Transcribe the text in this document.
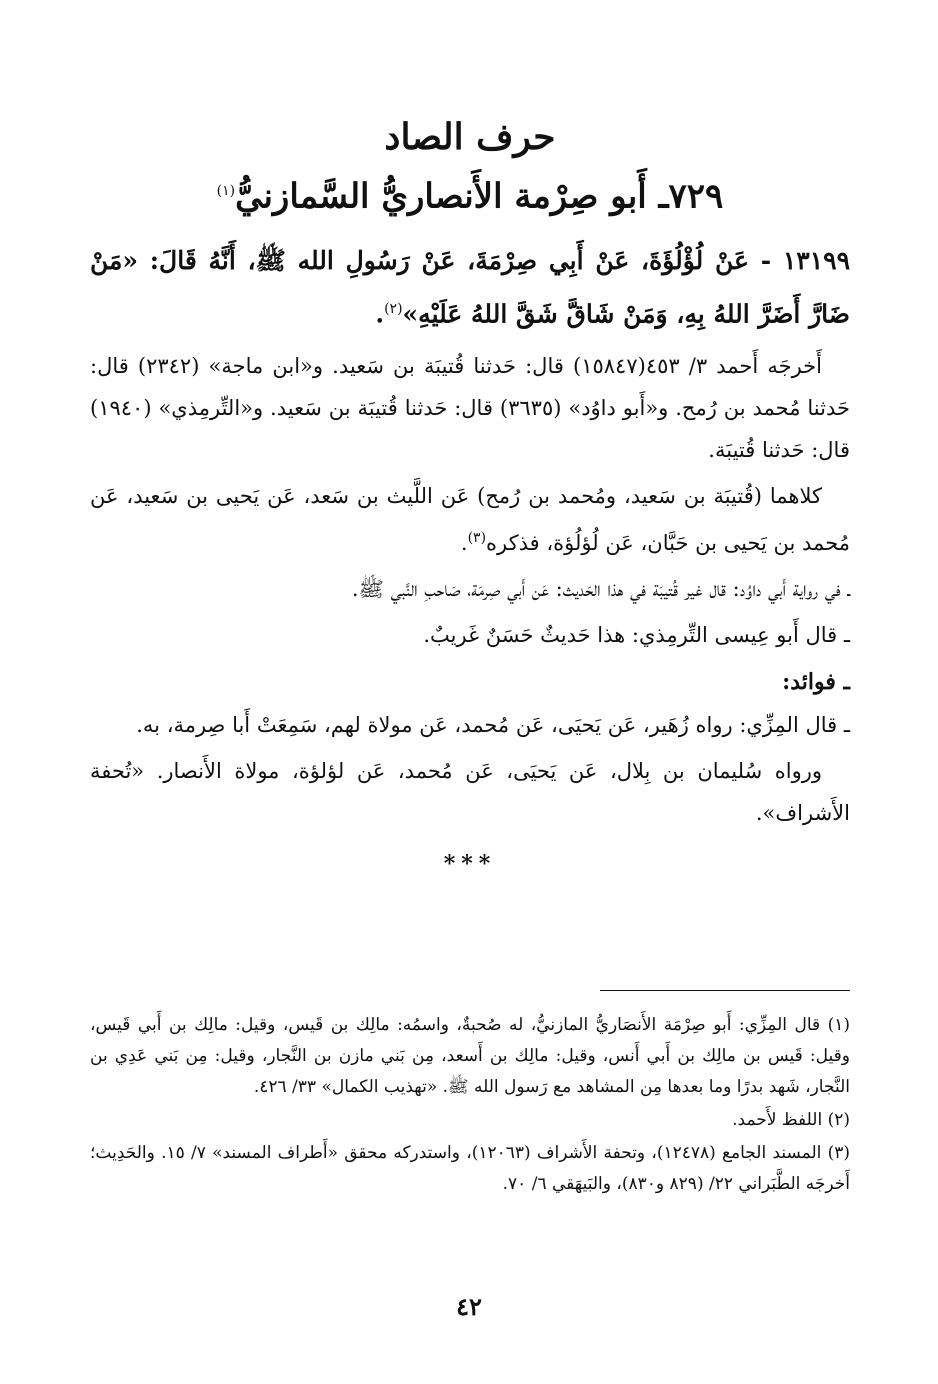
حرف الصاد
٧٢٩ـ أَبو صِرْمة الأَنصاريُّ السَّمازنيُّ$^{(١)}$

١٣١٩٩ - عَنْ لُؤْلُؤَةَ، عَنْ أَبِي صِرْمَةَ، عَنْ رَسُولِ الله ﷺ، أَنَّهُ قَالَ: «مَنْ ضَارَّ أَضَرَّ اللهُ بِهِ، وَمَنْ شَاقَّ شَقَّ اللهُ عَلَيْهِ»$^{(٢)}$.

أَخرجَه أَحمد ٣/ ٤٥٣(١٥٨٤٧) قال: حَدثنا قُتيبَة بن سَعيد. و«ابن ماجة» (٢٣٤٢) قال: حَدثنا مُحمد بن رُمح. و«أَبو داوُد» (٣٦٣٥) قال: حَدثنا قُتيبَة بن سَعيد. و«التِّرمِذي» (١٩٤٠) قال: حَدثنا قُتيبَة.

كلاهما (قُتيبَة بن سَعيد، ومُحمد بن رُمح) عَن اللَّيث بن سَعد، عَن يَحيى بن سَعيد، عَن مُحمد بن يَحيى بن حَبَّان، عَن لُؤلُؤة، فذكره$^{(٣)}$.

ـ في رواية أَبي داوُد: قال غير قُتيبَة في هذا الحَديث: عَن أَبي صِرمَة، صَاحبِ النَّبي ﷺ.

ـ قال أَبو عِيسى التِّرمِذي: هذا حَديثٌ حَسَنٌ غَريبٌ.

ـ فوائد:

ـ قال المِزِّي: رواه زُهَير، عَن يَحيَى، عَن مُحمد، عَن مولاة لهم، سَمِعَتْ أَبا صِرمة، به.

ورواه سُليمان بن بِلال، عَن يَحيَى، عَن مُحمد، عَن لؤلؤة، مولاة الأَنصار. «تُحفة الأَشراف».

***

(١) قال المِزِّي: أَبو صِرْمَة الأَنصَاريُّ المازنيُّ، له صُحبةٌ، واسمُه: مالِك بن قَيس، وقيل: مالِك بن أَبي قَيس، وقيل: قَيس بن مالِك بن أَبي أَنس، وقيل: مالِك بن أَسعد، مِن بَني مازن بن النَّجار، وقيل: مِن بَني عَدِي بن النَّجار، شَهد بدرًا وما بعدها مِن المشاهد مع رَسول الله ﷺ. «تهذيب الكمال» ٣٣/ ٤٢٦.

(٢) اللفظ لأَحمد.

(٣) المسند الجامع (١٢٤٧٨)، وتحفة الأَشراف (١٢٠٦٣)، واستدركه محقق «أَطراف المسند» ٧/ ١٥. والحَدِيث؛ أَخرجَه الطَّبَراني ٢٢/ (٨٢٩ و٨٣٠)، والبَيهَقي ٦/ ٧٠.

٤٢
